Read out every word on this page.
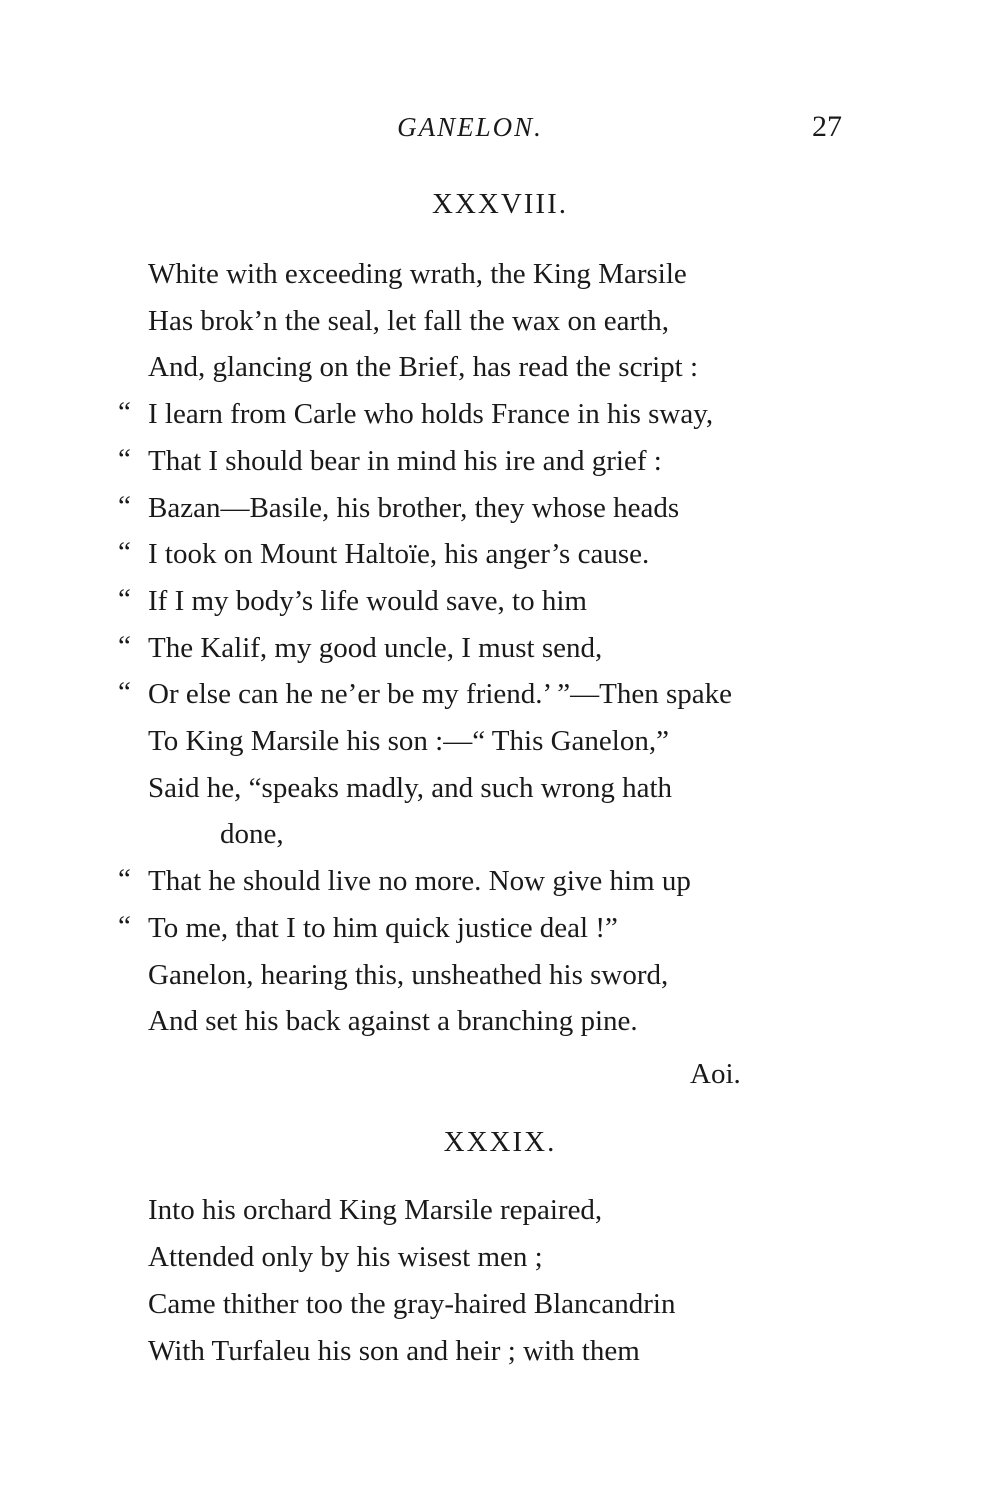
GANELON.	27
XXXVIII.
White with exceeding wrath, the King Marsile
Has brok’n the seal, let fall the wax on earth,
And, glancing on the Brief, has read the script :
“ I learn from Carle who holds France in his sway,
“ That I should bear in mind his ire and grief :
“ Bazan—Basile, his brother, they whose heads
“ I took on Mount Haltoïe, his anger’s cause.
“ If I my body’s life would save, to him
“ The Kalif, my good uncle, I must send,
“ Or else can he ne’er be my friend.’ ”—Then spake
To King Marsile his son :—“ This Ganelon,”
Said he, “speaks madly, and such wrong hath
done,
“ That he should live no more. Now give him up
“ To me, that I to him quick justice deal !”
Ganelon, hearing this, unsheathed his sword,
And set his back against a branching pine.
Aoi.
XXXIX.
Into his orchard King Marsile repaired,
Attended only by his wisest men ;
Came thither too the gray-haired Blancandrin
With Turfaleu his son and heir ; with them
